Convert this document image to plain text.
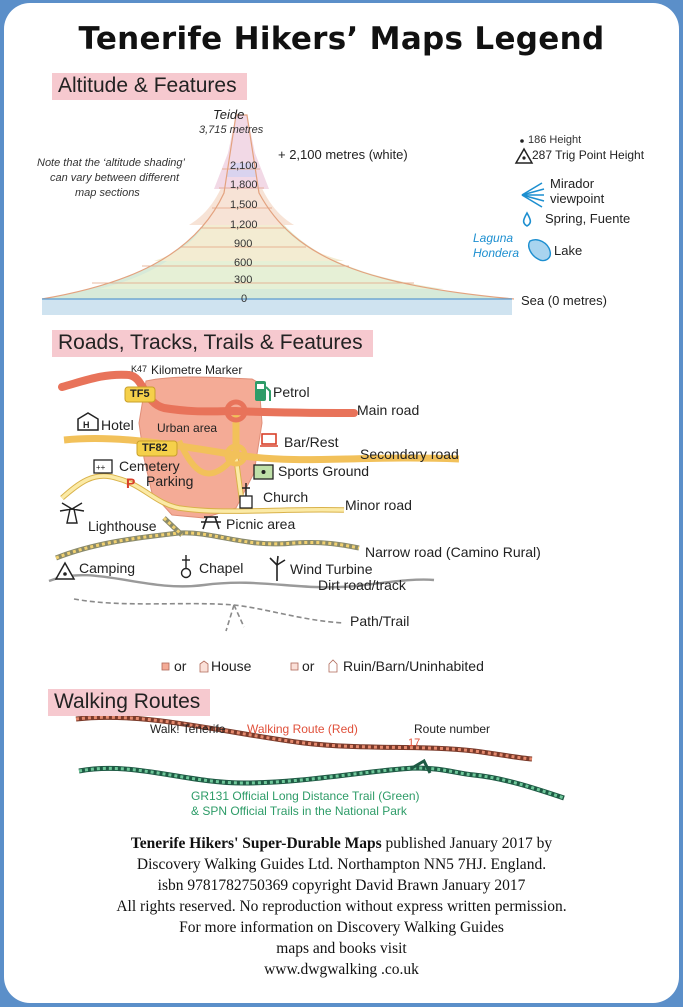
Tenerife Hikers’ Maps Legend
Altitude & Features
H
++
Teide
3,715 metres
Note that the ‘altitude shading’
can vary between different
map sections
+ 2,100 metres (white)
2,100
1,800
1,500
1,200
900
600
300
0	Sea (0 metres)
186 Height
287 Trig Point Height
Mirador
viewpoint
Spring, Fuente
Laguna
Hondera	Lake
Roads, Tracks, Trails & Features
K47 Kilometre Marker
TF5
TF82
Petrol
Main road
Hotel Urban area
Bar/Rest
Secondary road
Cemetery	Sports Ground
P Parking
Church	Minor road
Lighthouse	Picnic area
Narrow road (Camino Rural)
Camping	Chapel	Wind Turbine
Dirt road/track
Path/Trail
or House	or Ruin/Barn/Uninhabited
Walking Routes
Walk! Tenerife Walking Route (Red)	Route number
17
GR131 Official Long Distance Trail (Green)
& SPN Official Trails in the National Park
Tenerife Hikers' Super-Durable Maps published January 2017 by
Discovery Walking Guides Ltd. Northampton NN5 7HJ. England.
isbn 9781782750369 copyright David Brawn January 2017
All rights reserved. No reproduction without express written permission.
For more information on Discovery Walking Guides
maps and books visit
www.dwgwalking .co.uk
